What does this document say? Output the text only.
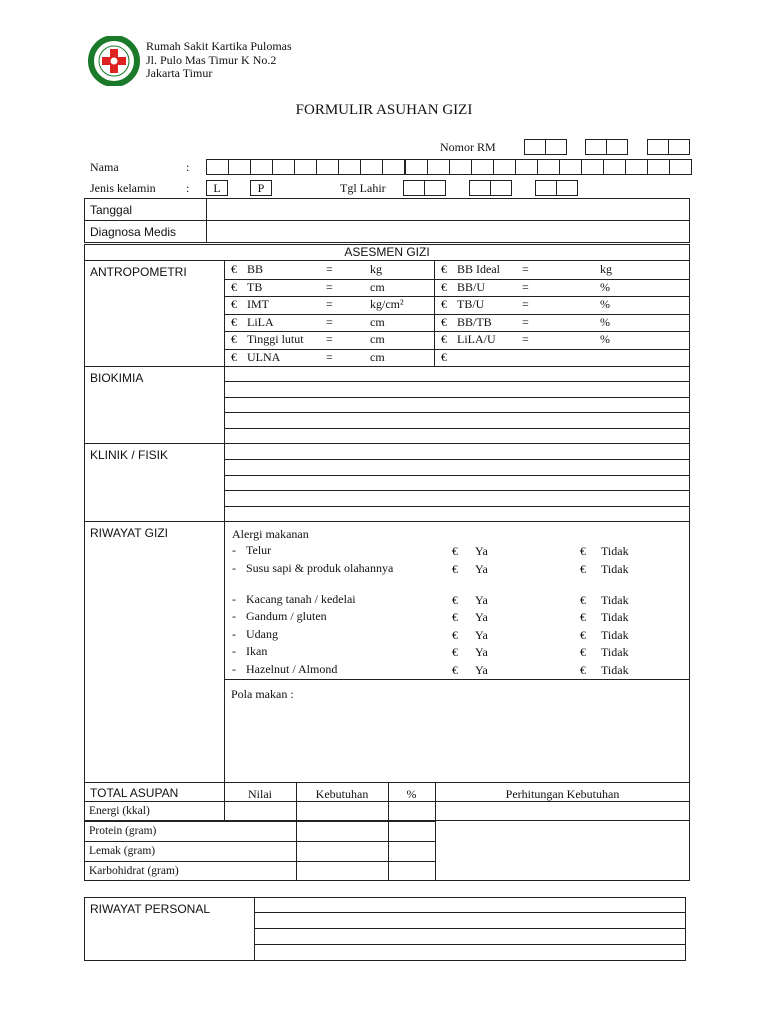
Rumah Sakit Kartika Pulomas
Jl. Pulo Mas Timur K No.2
Jakarta Timur
FORMULIR ASUHAN GIZI
Nomor RM
Nama	:
Jenis kelamin	:	L	P	Tgl Lahir
Tanggal
Diagnosa Medis
ASESMEN GIZI
ANTROPOMETRI	€ BB	=	kg	€ BB Ideal =	kg
€ TB	=	cm	€ BB/U	=	%
€ IMT	=	kg/cm²	€ TB/U	=	%
€ LiLA	=	cm	€ BB/TB	=	%
€ Tinggi lutut =	cm	€ LiLA/U =	%
€ ULNA	=	cm	€
BIOKIMIA
KLINIK / FISIK
RIWAYAT GIZI	Alergi makanan
- Telur	€ Ya	€ Tidak
- Susu sapi & produk olahannya	€ Ya	€ Tidak
- Kacang tanah / kedelai	€ Ya	€ Tidak
- Gandum / gluten	€ Ya	€ Tidak
- Udang	€ Ya	€ Tidak
- Ikan	€ Ya	€ Tidak
- Hazelnut / Almond	€ Ya	€ Tidak
Pola makan :
TOTAL ASUPAN	Nilai	Kebutuhan	%	Perhitungan Kebutuhan
Energi (kkal)
Protein (gram)
Lemak (gram)
Karbohidrat (gram)
RIWAYAT PERSONAL
